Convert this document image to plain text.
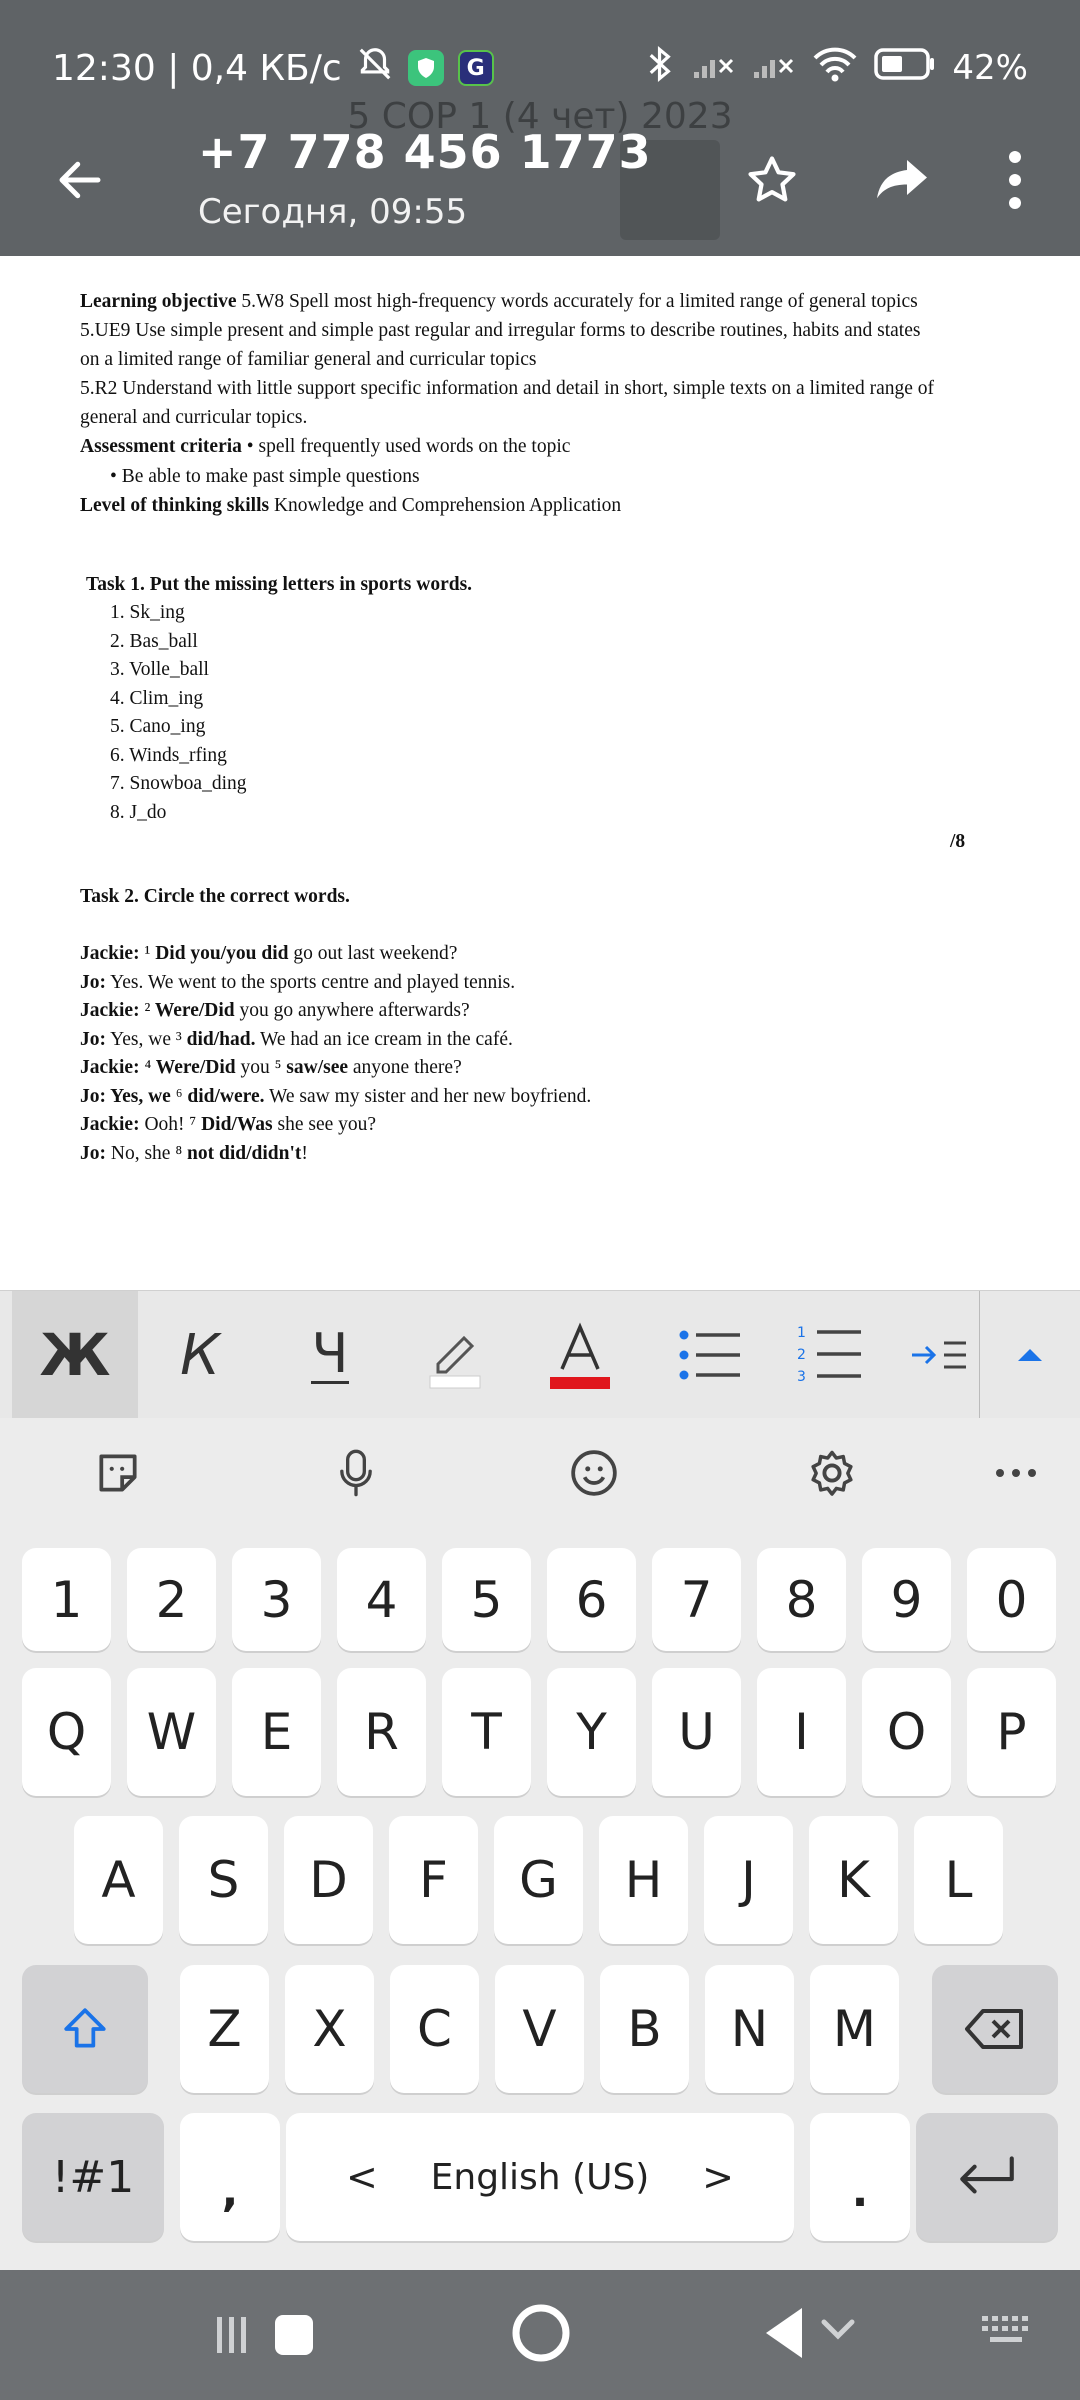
12:30 | 0,4 КБ/с	G	42%
5 СОР 1 (4 чет) 2023
+7 778 456 1773
Сегодня, 09:55
Learning objective 5.W8 Spell most high-frequency words accurately for a limited range of general topics
5.UE9 Use simple present and simple past regular and irregular forms to describe routines, habits and states
on a limited range of familiar general and curricular topics
5.R2 Understand with little support specific information and detail in short, simple texts on a limited range of
general and curricular topics.
Assessment criteria • spell frequently used words on the topic
• Be able to make past simple questions
Level of thinking skills Knowledge and Comprehension Application
Task 1. Put the missing letters in sports words.
1. Sk_ing
2. Bas_ball
3. Volle_ball
4. Clim_ing
5. Cano_ing
6. Winds_rfing
7. Snowboa_ding
8. J_do
/8
Task 2. Circle the correct words.
Jackie: ¹ Did you/you did go out last weekend?
Jo: Yes. We went to the sports centre and played tennis.
Jackie: ² Were/Did you go anywhere afterwards?
Jo: Yes, we ³ did/had. We had an ice cream in the café.
Jackie: ⁴ Were/Did you ⁵ saw/see anyone there?
Jo: Yes, we ⁶ did/were. We saw my sister and her new boyfriend.
Jackie: Ooh! ⁷ Did/Was she see you?
Jo: No, she ⁸ not did/didn't!
Ж	К	Ч	1
2
3
1	2	3	4	5	6	7	8	9	0
Q	W	E	R	T	Y	U	I	O	P
A	S	D	F	G	H	J	K	L
Z	X	C	V	B	N	M
!#1	,	< English (US) >	.
